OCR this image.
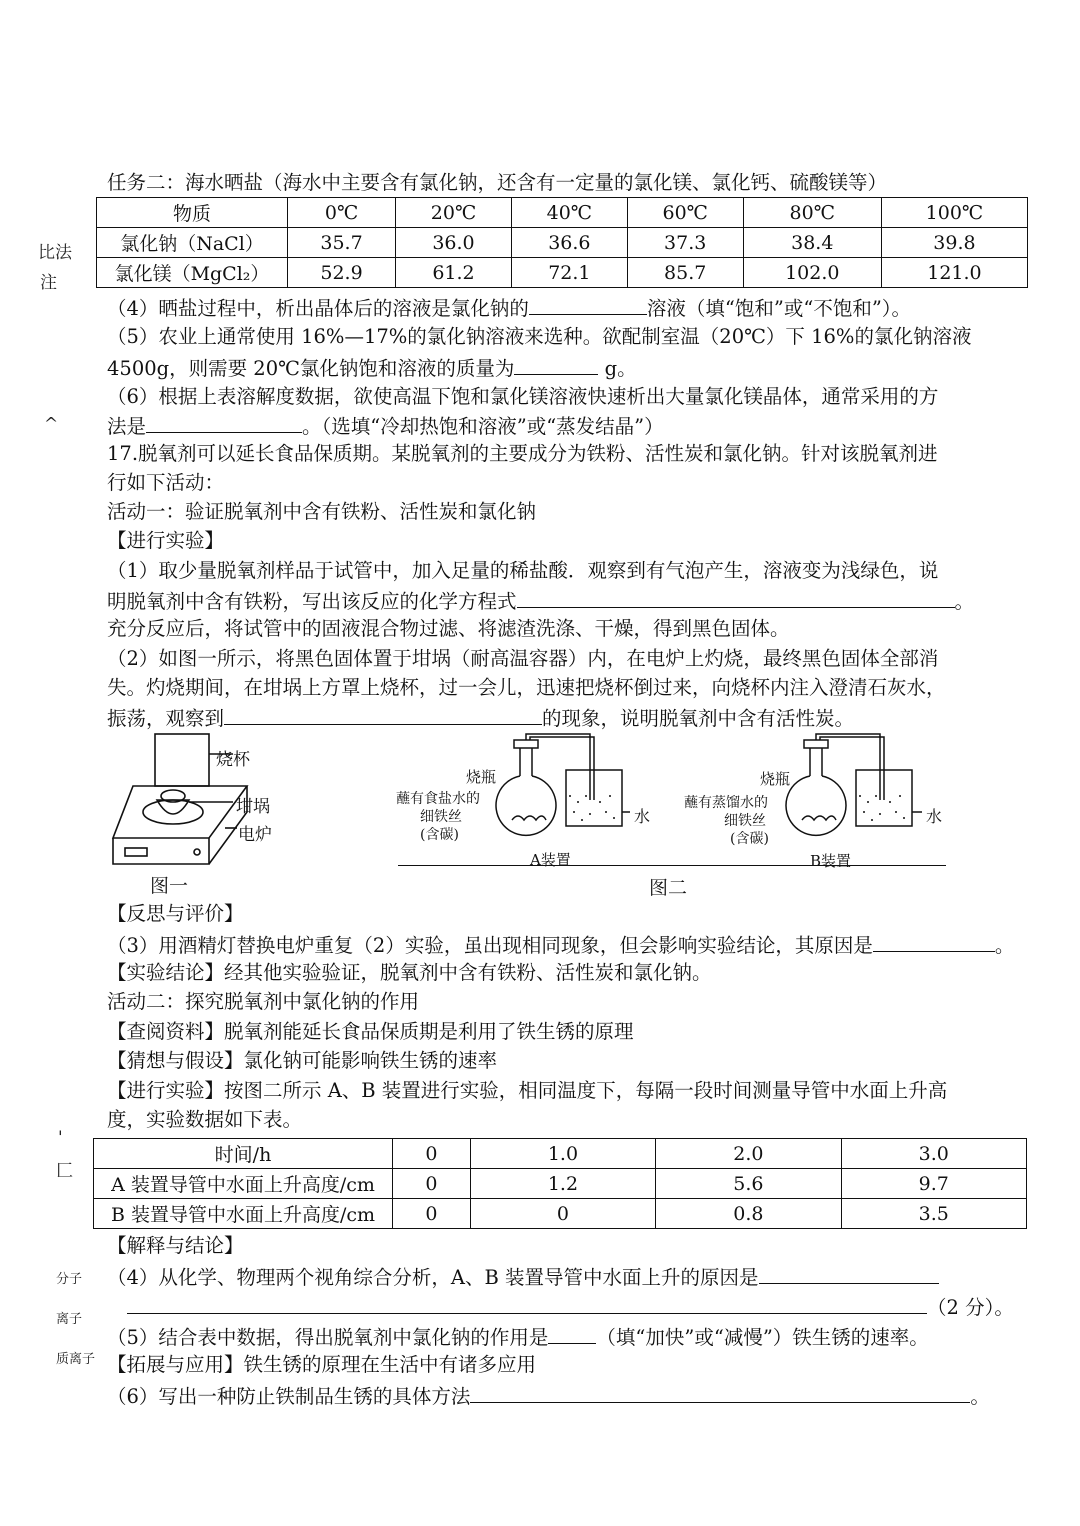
比法
注
^
'
匚
分子
离子
质离子
任务二：海水晒盐（海水中主要含有氯化钠，还含有一定量的氯化镁、氯化钙、硫酸镁等）
物质	0℃	20℃	40℃	60℃	80℃	100℃
氯化钠（NaCl）	35.7	36.0	36.6	37.3	38.4	39.8
氯化镁（MgCl₂）	52.9	61.2	72.1	85.7	102.0	121.0
（4）晒盐过程中，析出晶体后的溶液是氯化钠的	溶液（填“饱和”或“不饱和”）。
（5）农业上通常使用 16%—17%的氯化钠溶液来选种。欲配制室温（20℃）下 16%的氯化钠溶液
4500g，则需要 20℃氯化钠饱和溶液的质量为	g。
（6）根据上表溶解度数据，欲使高温下饱和氯化镁溶液快速析出大量氯化镁晶体，通常采用的方
法是	。（选填“冷却热饱和溶液”或“蒸发结晶”）
17.脱氧剂可以延长食品保质期。某脱氧剂的主要成分为铁粉、活性炭和氯化钠。针对该脱氧剂进
行如下活动：
活动一：验证脱氧剂中含有铁粉、活性炭和氯化钠
【进行实验】
（1）取少量脱氧剂样品于试管中，加入足量的稀盐酸．观察到有气泡产生，溶液变为浅绿色，说
明脱氧剂中含有铁粉，写出该反应的化学方程式	。
充分反应后，将试管中的固液混合物过滤、将滤渣洗涤、干燥，得到黑色固体。
（2）如图一所示，将黑色固体置于坩埚（耐高温容器）内，在电炉上灼烧，最终黑色固体全部消
失。灼烧期间，在坩埚上方罩上烧杯，过一会儿，迅速把烧杯倒过来，向烧杯内注入澄清石灰水，
振荡，观察到	的现象，说明脱氧剂中含有活性炭。
烧杯
坩埚
电炉
图一
烧瓶
蘸有食盐水的
细铁丝
(含碳)
水
A装置
烧瓶
蘸有蒸馏水的
细铁丝
(含碳)
水
B装置
图二
【反思与评价】
（3）用酒精灯替换电炉重复（2）实验，虽出现相同现象，但会影响实验结论，其原因是	。
【实验结论】经其他实验验证，脱氧剂中含有铁粉、活性炭和氯化钠。
活动二：探究脱氧剂中氯化钠的作用
【查阅资料】脱氧剂能延长食品保质期是利用了铁生锈的原理
【猜想与假设】氯化钠可能影响铁生锈的速率
【进行实验】按图二所示 A、B 装置进行实验，相同温度下，每隔一段时间测量导管中水面上升高
度，实验数据如下表。
时间/h	0	1.0	2.0	3.0
A 装置导管中水面上升高度/cm	0	1.2	5.6	9.7
B 装置导管中水面上升高度/cm	0	0	0.8	3.5
【解释与结论】
（4）从化学、物理两个视角综合分析，A、B 装置导管中水面上升的原因是
（2 分）。
（5）结合表中数据，得出脱氧剂中氯化钠的作用是 （填“加快”或“减慢”）铁生锈的速率。
【拓展与应用】铁生锈的原理在生活中有诸多应用
（6）写出一种防止铁制品生锈的具体方法	。
